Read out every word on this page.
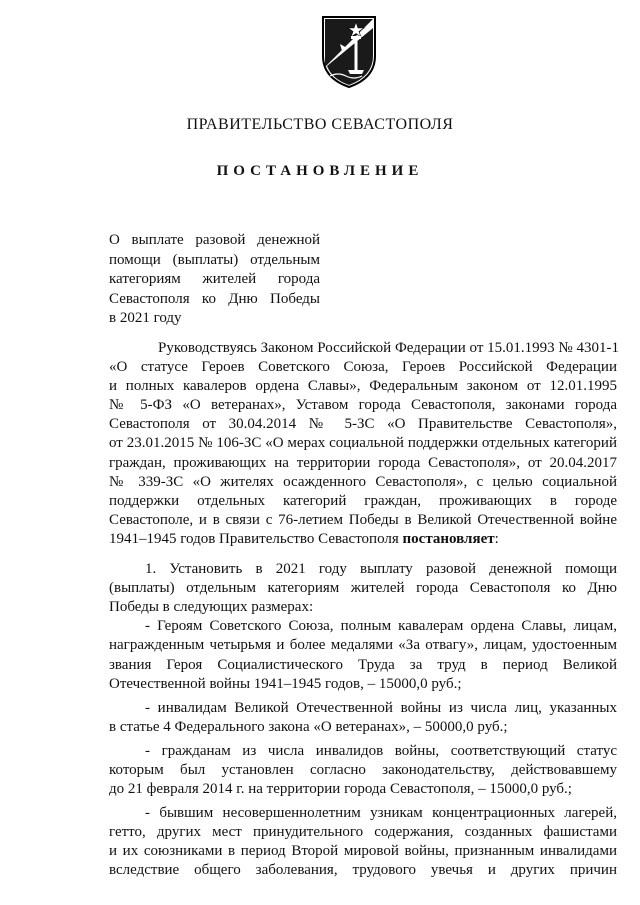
ПРАВИТЕЛЬСТВО СЕВАСТОПОЛЯ
ПОСТАНОВЛЕНИЕ
О выплате разовой денежной
помощи (выплаты) отдельным
категориям жителей города
Севастополя ко Дню Победы
в 2021 году

Руководствуясь Законом Российской Федерации от 15.01.1993 № 4301-1
«О статусе Героев Советского Союза, Героев Российской Федерации
и полных кавалеров ордена Славы», Федеральным законом от 12.01.1995
№ 5-ФЗ «О ветеранах», Уставом города Севастополя, законами города
Севастополя от 30.04.2014 № 5-ЗС «О Правительстве Севастополя»,
от 23.01.2015 № 106-ЗС «О мерах социальной поддержки отдельных категорий
граждан, проживающих на территории города Севастополя», от 20.04.2017
№ 339-ЗС «О жителях осажденного Севастополя», с целью социальной
поддержки отдельных категорий граждан, проживающих в городе
Севастополе, и в связи с 76-летием Победы в Великой Отечественной войне
1941–1945 годов Правительство Севастополя постановляет:

1. Установить в 2021 году выплату разовой денежной помощи
(выплаты) отдельным категориям жителей города Севастополя ко Дню
Победы в следующих размерах:

- Героям Советского Союза, полным кавалерам ордена Славы, лицам,
награжденным четырьмя и более медалями «За отвагу», лицам, удостоенным
звания Героя Социалистического Труда за труд в период Великой
Отечественной войны 1941–1945 годов, – 15000,0 руб.;

- инвалидам Великой Отечественной войны из числа лиц, указанных
в статье 4 Федерального закона «О ветеранах», – 50000,0 руб.;

- гражданам из числа инвалидов войны, соответствующий статус
которым был установлен согласно законодательству, действовавшему
до 21 февраля 2014 г. на территории города Севастополя, – 15000,0 руб.;

- бывшим несовершеннолетним узникам концентрационных лагерей,
гетто, других мест принудительного содержания, созданных фашистами
и их союзниками в период Второй мировой войны, признанным инвалидами
вследствие общего заболевания, трудового увечья и других причин
